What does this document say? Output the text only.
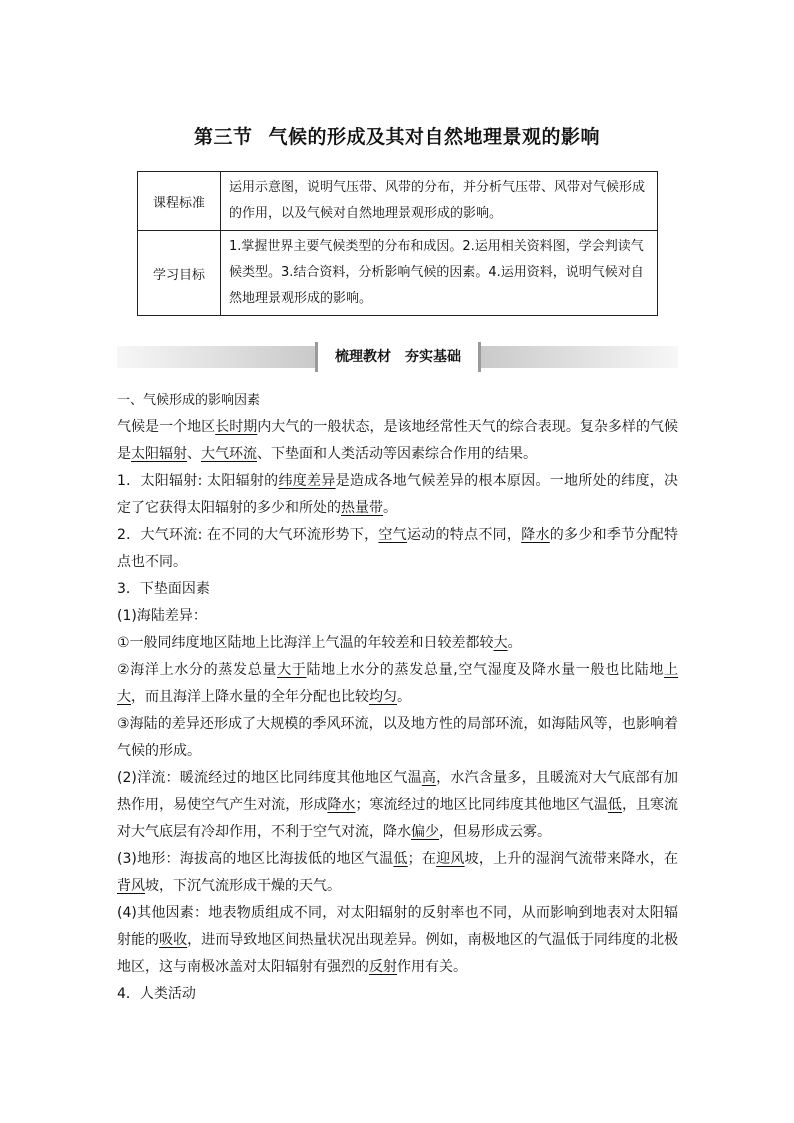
第三节 气候的形成及其对自然地理景观的影响
课程标准	运用示意图，说明气压带、风带的分布，并分析气压带、风带对气候形成的作用，以及气候对自然地理景观形成的影响。
学习目标	1.掌握世界主要气候类型的分布和成因。2.运用相关资料图，学会判读气候类型。3.结合资料，分析影响气候的因素。4.运用资料，说明气候对自然地理景观形成的影响。
梳理教材　夯实基础

一、气候形成的影响因素

气候是一个地区长时期内大气的一般状态，是该地经常性天气的综合表现。复杂多样的气候是太阳辐射、大气环流、下垫面和人类活动等因素综合作用的结果。

1．太阳辐射: 太阳辐射的纬度差异是造成各地气候差异的根本原因。一地所处的纬度，决定了它获得太阳辐射的多少和所处的热量带。

2．大气环流: 在不同的大气环流形势下，空气运动的特点不同，降水的多少和季节分配特点也不同。

3．下垫面因素

(1)海陆差异：

①一般同纬度地区陆地上比海洋上气温的年较差和日较差都较大。

②海洋上水分的蒸发总量大于陆地上水分的蒸发总量,空气湿度及降水量一般也比陆地上大，而且海洋上降水量的全年分配也比较均匀。

③海陆的差异还形成了大规模的季风环流，以及地方性的局部环流，如海陆风等，也影响着气候的形成。

(2)洋流：暖流经过的地区比同纬度其他地区气温高，水汽含量多，且暖流对大气底部有加热作用，易使空气产生对流，形成降水；寒流经过的地区比同纬度其他地区气温低，且寒流对大气底层有冷却作用，不利于空气对流，降水偏少，但易形成云雾。

(3)地形：海拔高的地区比海拔低的地区气温低；在迎风坡，上升的湿润气流带来降水，在背风坡，下沉气流形成干燥的天气。

(4)其他因素：地表物质组成不同，对太阳辐射的反射率也不同，从而影响到地表对太阳辐射能的吸收，进而导致地区间热量状况出现差异。例如，南极地区的气温低于同纬度的北极地区，这与南极冰盖对太阳辐射有强烈的反射作用有关。

4．人类活动
